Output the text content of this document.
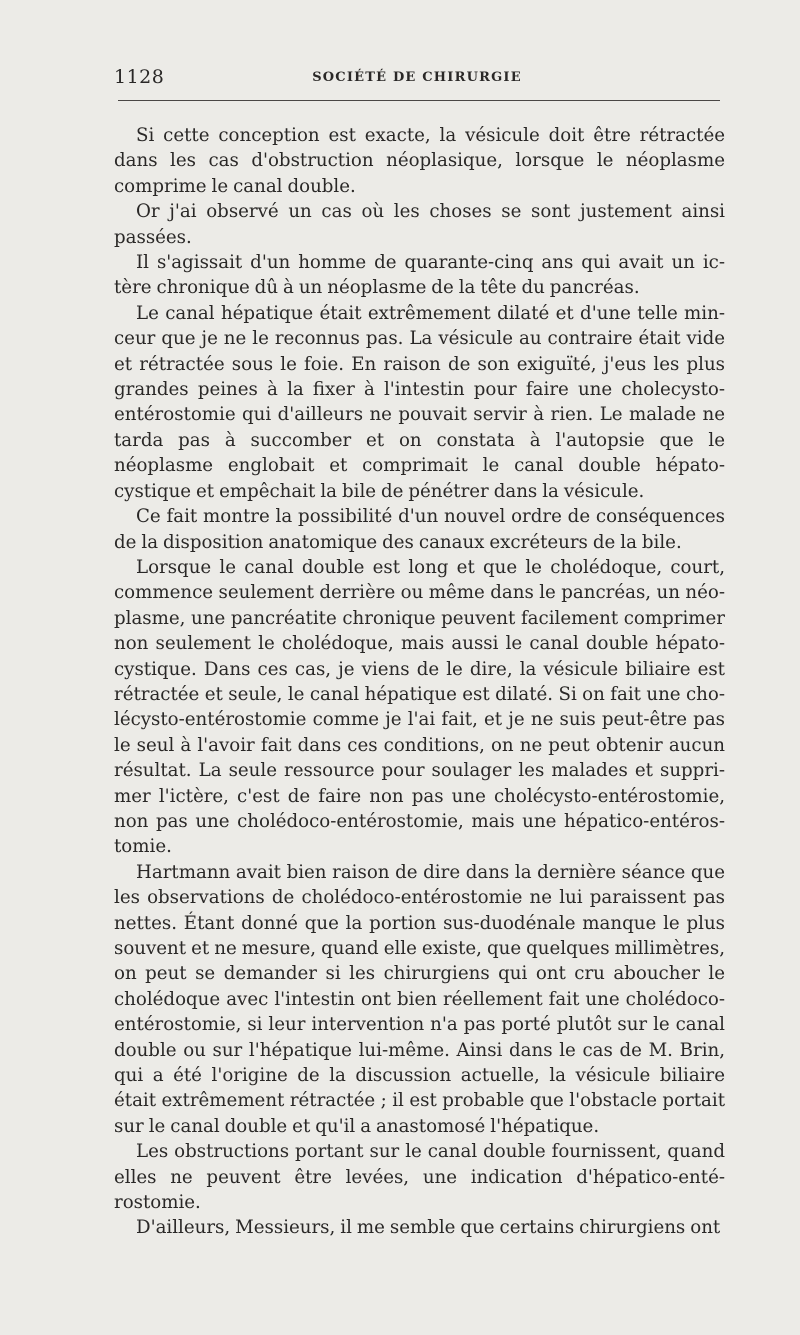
1128	SOCIÉTÉ DE CHIRURGIE

Si cette conception est exacte, la vésicule doit être rétractée dans les cas d'obstruction néoplasique, lorsque le néoplasme comprime le canal double.

Or j'ai observé un cas où les choses se sont justement ainsi passées.

Il s'agissait d'un homme de quarante-cinq ans qui avait un ictère chronique dû à un néoplasme de la tête du pancréas.

Le canal hépatique était extrêmement dilaté et d'une telle minceur que je ne le reconnus pas. La vésicule au contraire était vide et rétractée sous le foie. En raison de son exiguïté, j'eus les plus grandes peines à la fixer à l'intestin pour faire une cholecystoentérostomie qui d'ailleurs ne pouvait servir à rien. Le malade ne tarda pas à succomber et on constata à l'autopsie que le néoplasme englobait et comprimait le canal double hépato-cystique et empêchait la bile de pénétrer dans la vésicule.

Ce fait montre la possibilité d'un nouvel ordre de conséquences de la disposition anatomique des canaux excréteurs de la bile.

Lorsque le canal double est long et que le cholédoque, court, commence seulement derrière ou même dans le pancréas, un néoplasme, une pancréatite chronique peuvent facilement comprimer non seulement le cholédoque, mais aussi le canal double hépatocystique. Dans ces cas, je viens de le dire, la vésicule biliaire est rétractée et seule, le canal hépatique est dilaté. Si on fait une cholécysto-entérostomie comme je l'ai fait, et je ne suis peut-être pas le seul à l'avoir fait dans ces conditions, on ne peut obtenir aucun résultat. La seule ressource pour soulager les malades et supprimer l'ictère, c'est de faire non pas une cholécysto-entérostomie, non pas une cholédoco-entérostomie, mais une hépatico-entérostomie.

Hartmann avait bien raison de dire dans la dernière séance que les observations de cholédoco-entérostomie ne lui paraissent pas nettes. Étant donné que la portion sus-duodénale manque le plus souvent et ne mesure, quand elle existe, que quelques millimètres, on peut se demander si les chirurgiens qui ont cru aboucher le cholédoque avec l'intestin ont bien réellement fait une cholédocoentérostomie, si leur intervention n'a pas porté plutôt sur le canal double ou sur l'hépatique lui-même. Ainsi dans le cas de M. Brin, qui a été l'origine de la discussion actuelle, la vésicule biliaire était extrêmement rétractée ; il est probable que l'obstacle portait sur le canal double et qu'il a anastomosé l'hépatique.

Les obstructions portant sur le canal double fournissent, quand elles ne peuvent être levées, une indication d'hépatico-entérostomie.

D'ailleurs, Messieurs, il me semble que certains chirurgiens ont
